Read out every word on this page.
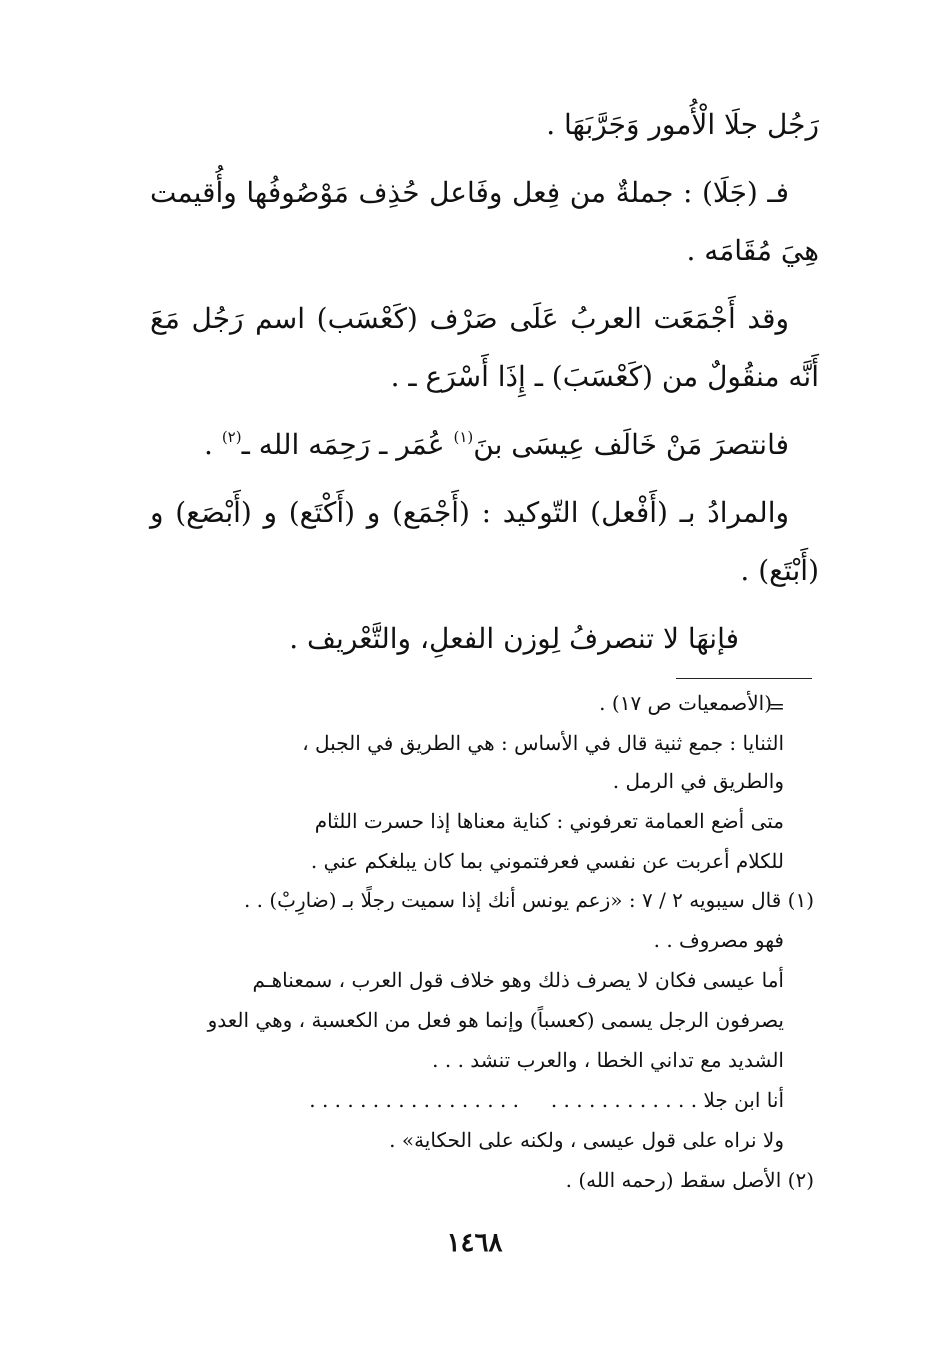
رَجُل جلَا الْأُمور وَجَرَّبَهَا .

فـ (جَلَا) : جملةٌ من فِعل وفَاعل حُذِف مَوْصُوفُها وأُقيمت هِيَ مُقَامَه .

وقد أَجْمَعَت العربُ عَلَى صَرْف (كَعْسَب) اسم رَجُل مَعَ أَنَّه منقُولٌ من (كَعْسَبَ) ـ إِذَا أَسْرَع ـ .

فانتصرَ مَنْ خَالَف عِيسَى بنَ$^{(١)}$ عُمَر ـ رَحِمَه الله ـ$^{(٢)}$ .

والمرادُ بـ (أَفْعل) التّوكيد : (أَجْمَع) و (أَكْتَع) و (أَبْصَع) و (أَبْتَع) .

فإنهَا لا تنصرفُ لِوزن الفعلِ، والتَّعْريف .

=
(الأصمعيات ص ١٧) .
الثنايا : جمع ثنية قال في الأساس : هي الطريق في الجبل ،
والطريق في الرمل .
متى أضع العمامة تعرفوني : كناية معناها إذا حسرت اللثام
للكلام أعربت عن نفسي فعرفتموني بما كان يبلغكم عني .
(١) قال سيبويه ٢ / ٧ : «زعم يونس أنك إذا سميت رجلًا بـ (ضارِبْ) . .
فهو مصروف . .
أما عيسى فكان لا يصرف ذلك وهو خلاف قول العرب ، سمعناهـم
يصرفون الرجل يسمى (كعسباً) وإنما هو فعل من الكعسبة ، وهي العدو
الشديد مع تداني الخطا ، والعرب تنشد . . .
أنا ابن جلا . . . . . . . . . . . .     . . . . . . . . . . . . . . . . .
ولا نراه على قول عيسى ، ولكنه على الحكاية» .
(٢) الأصل سقط (رحمه الله) .
١٤٦٨
